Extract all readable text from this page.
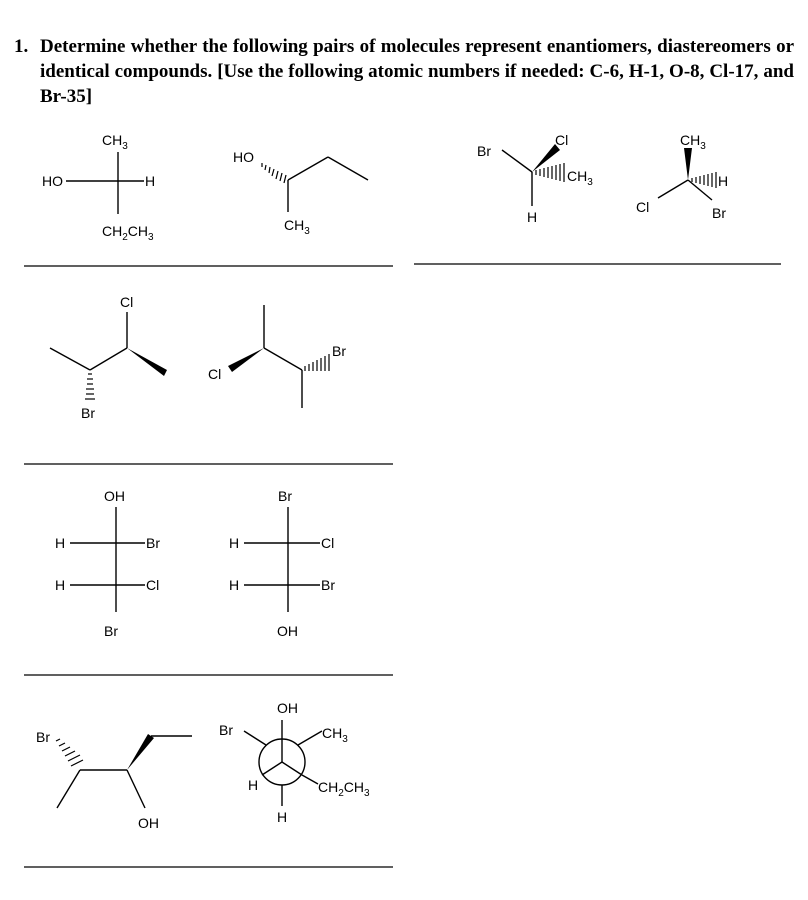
1. Determine whether the following pairs of molecules represent enantiomers, diastereomers or identical compounds. [Use the following atomic numbers if needed: C-6, H-1, O-8, Cl-17, and Br-35]
$CH_3$
HO	H
$CH_2CH_3$
HO
$CH_3$
Br
Cl
$CH_3$
H
$CH_3$
H
Cl	Br
Cl
Br
Cl
Br
OH
H	Br
H	Cl
Br
Br
H	Cl
H	Br
OH
Br
OH
OH
Br	$CH_3$
H	$CH_2CH_3$
H
